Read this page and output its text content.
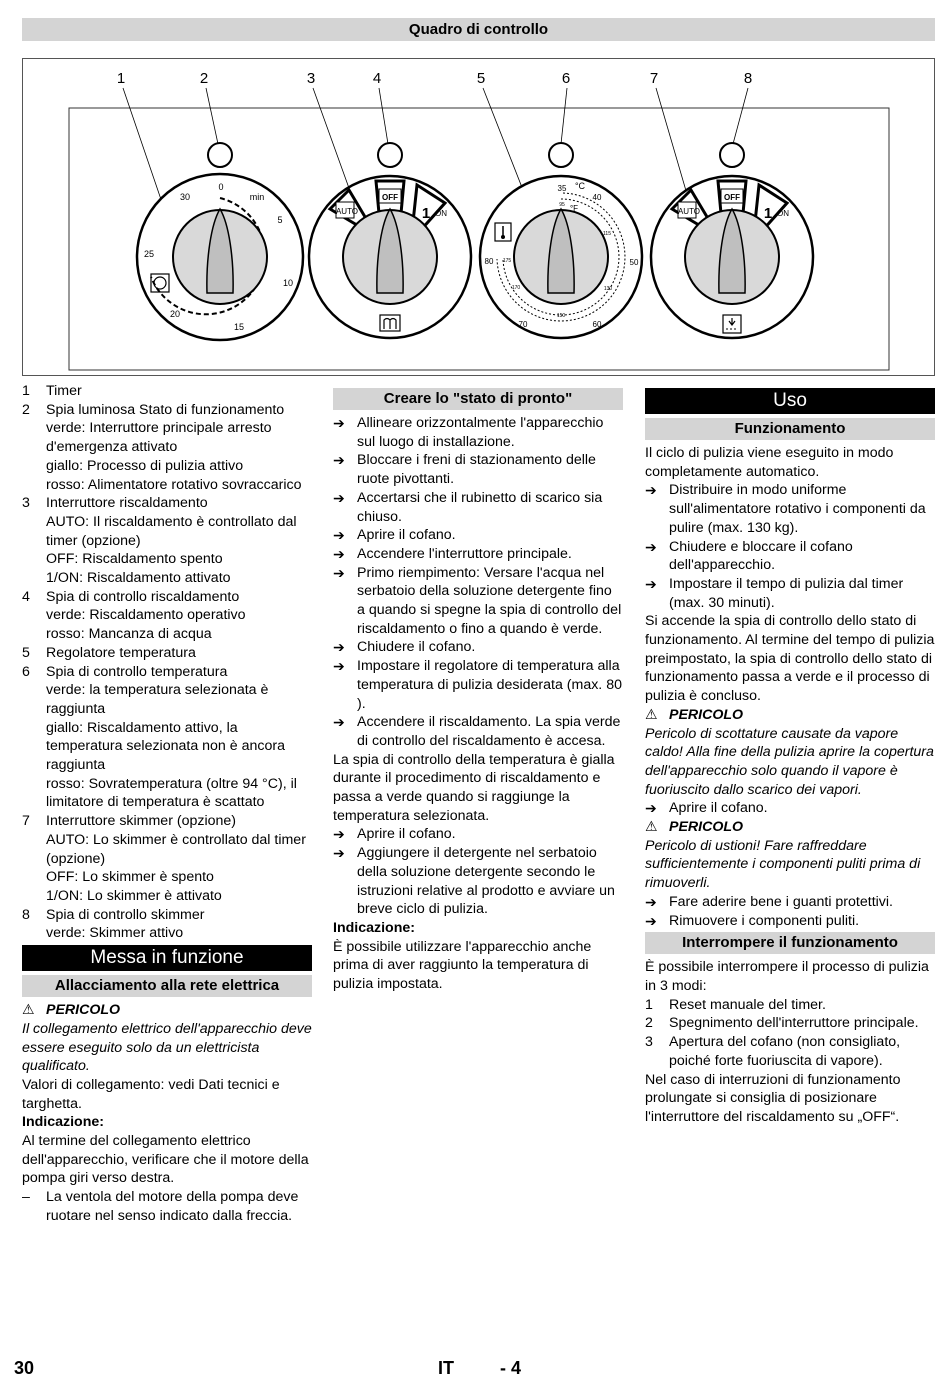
Quadro di controllo
1	2	3	4	5	6	7	8
0
min
5
10
15
20
25
30
AUTO
OFF
1 ON
35
40
50
60
70
80
°C
°F
95
115
130
150
170
175
AUTO
OFF
1 ON
1	Timer
2	Spia luminosa Stato di funzionamento
verde: Interruttore principale arresto d'emergenza attivato
giallo: Processo di pulizia attivo
rosso: Alimentatore rotativo sovraccarico
3	Interruttore riscaldamento
AUTO: Il riscaldamento è controllato dal timer (opzione)
OFF: Riscaldamento spento
1/ON: Riscaldamento attivato
4	Spia di controllo riscaldamento
verde: Riscaldamento operativo
rosso: Mancanza di acqua
5	Regolatore temperatura
6	Spia di controllo temperatura
verde: la temperatura selezionata è raggiunta
giallo: Riscaldamento attivo, la temperatura selezionata non è ancora raggiunta
rosso: Sovratemperatura (oltre 94 °C), il limitatore di temperatura è scattato
7	Interruttore skimmer (opzione)
AUTO: Lo skimmer è controllato dal timer (opzione)
OFF: Lo skimmer è spento
1/ON: Lo skimmer è attivato
8	Spia di controllo skimmer
verde: Skimmer attivo
Messa in funzione
Allacciamento alla rete elettrica
⚠ PERICOLO
Il collegamento elettrico dell'apparecchio deve essere eseguito solo da un elettricista qualificato.
Valori di collegamento: vedi Dati tecnici e targhetta.
Indicazione:
Al termine del collegamento elettrico dell'apparecchio, verificare che il motore della pompa giri verso destra.
–	La ventola del motore della pompa deve ruotare nel senso indicato dalla freccia.
Creare lo "stato di pronto"
➔ Allineare orizzontalmente l'apparecchio sul luogo di installazione.
➔ Bloccare i freni di stazionamento delle ruote pivottanti.
➔ Accertarsi che il rubinetto di scarico sia chiuso.
➔ Aprire il cofano.
➔ Accendere l'interruttore principale.
➔ Primo riempimento: Versare l'acqua nel serbatoio della soluzione detergente fino a quando si spegne la spia di controllo del riscaldamento o fino a quando è verde.
➔ Chiudere il cofano.
➔ Impostare il regolatore di temperatura alla temperatura di pulizia desiderata (max. 80 ).
➔ Accendere il riscaldamento. La spia verde di controllo del riscaldamento è accesa.
La spia di controllo della temperatura è gialla durante il procedimento di riscaldamento e passa a verde quando si raggiunge la temperatura selezionata.
➔ Aprire il cofano.
➔ Aggiungere il detergente nel serbatoio della soluzione detergente secondo le istruzioni relative al prodotto e avviare un breve ciclo di pulizia.
Indicazione:
È possibile utilizzare l'apparecchio anche prima di aver raggiunto la temperatura di pulizia impostata.
Uso
Funzionamento
Il ciclo di pulizia viene eseguito in modo completamente automatico.
➔ Distribuire in modo uniforme sull'alimentatore rotativo i componenti da pulire (max. 130 kg).
➔ Chiudere e bloccare il cofano dell'apparecchio.
➔ Impostare il tempo di pulizia dal timer (max. 30 minuti).
Si accende la spia di controllo dello stato di funzionamento. Al termine del tempo di pulizia preimpostato, la spia di controllo dello stato di funzionamento passa a verde e il processo di pulizia è concluso.
⚠ PERICOLO
Pericolo di scottature causate da vapore caldo! Alla fine della pulizia aprire la copertura dell'apparecchio solo quando il vapore è fuoriuscito dallo scarico dei vapori.
➔ Aprire il cofano.
⚠ PERICOLO
Pericolo di ustioni! Fare raffreddare sufficientemente i componenti puliti prima di rimuoverli.
➔ Fare aderire bene i guanti protettivi.
➔ Rimuovere i componenti puliti.
Interrompere il funzionamento
È possibile interrompere il processo di pulizia in 3 modi:
1	Reset manuale del timer.
2	Spegnimento dell'interruttore principale.
3	Apertura del cofano (non consigliato, poiché forte fuoriuscita di vapore).
Nel caso di interruzioni di funzionamento prolungate si consiglia di posizionare l'interruttore del riscaldamento su „OFF“.
30	IT	- 4
